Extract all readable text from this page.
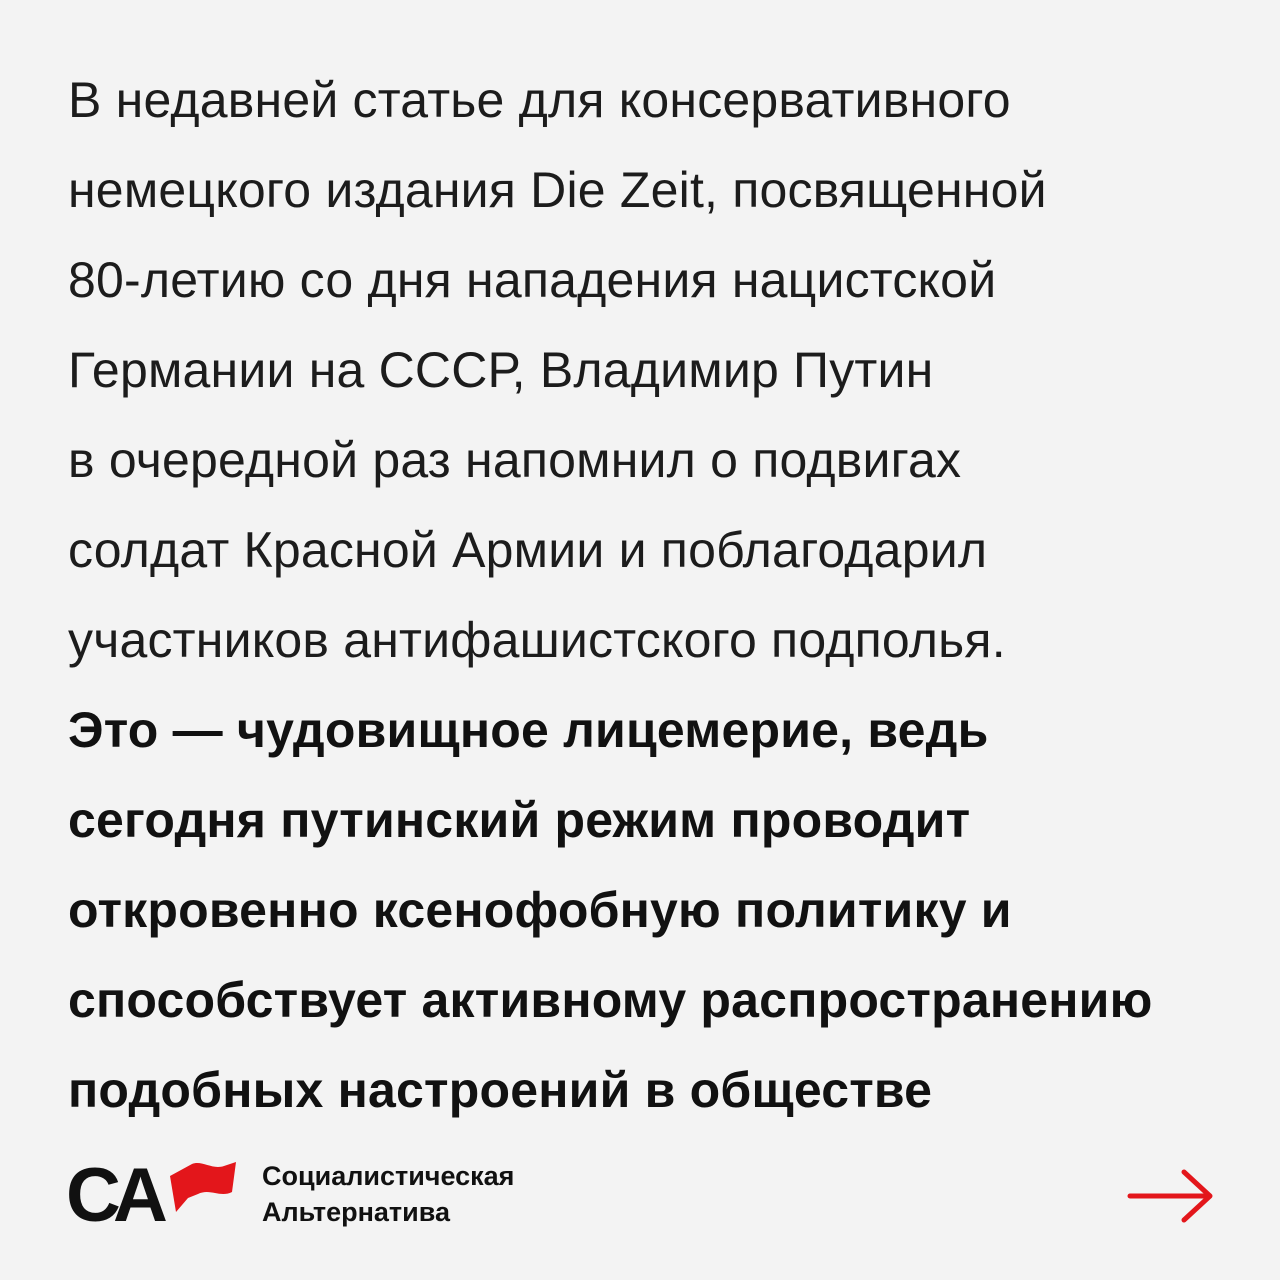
В недавней статье для консервативного
немецкого издания Die Zeit, посвященной
80-летию со дня нападения нацистской
Германии на СССР, Владимир Путин
в очередной раз напомнил о подвигах
солдат Красной Армии и поблагодарил
участников антифашистского подполья.
Это — чудовищное лицемерие, ведь
сегодня путинский режим проводит
откровенно ксенофобную политику и
способствует активному распространению
подобных настроений в обществе
СА	Социалистическая
Альтернатива
